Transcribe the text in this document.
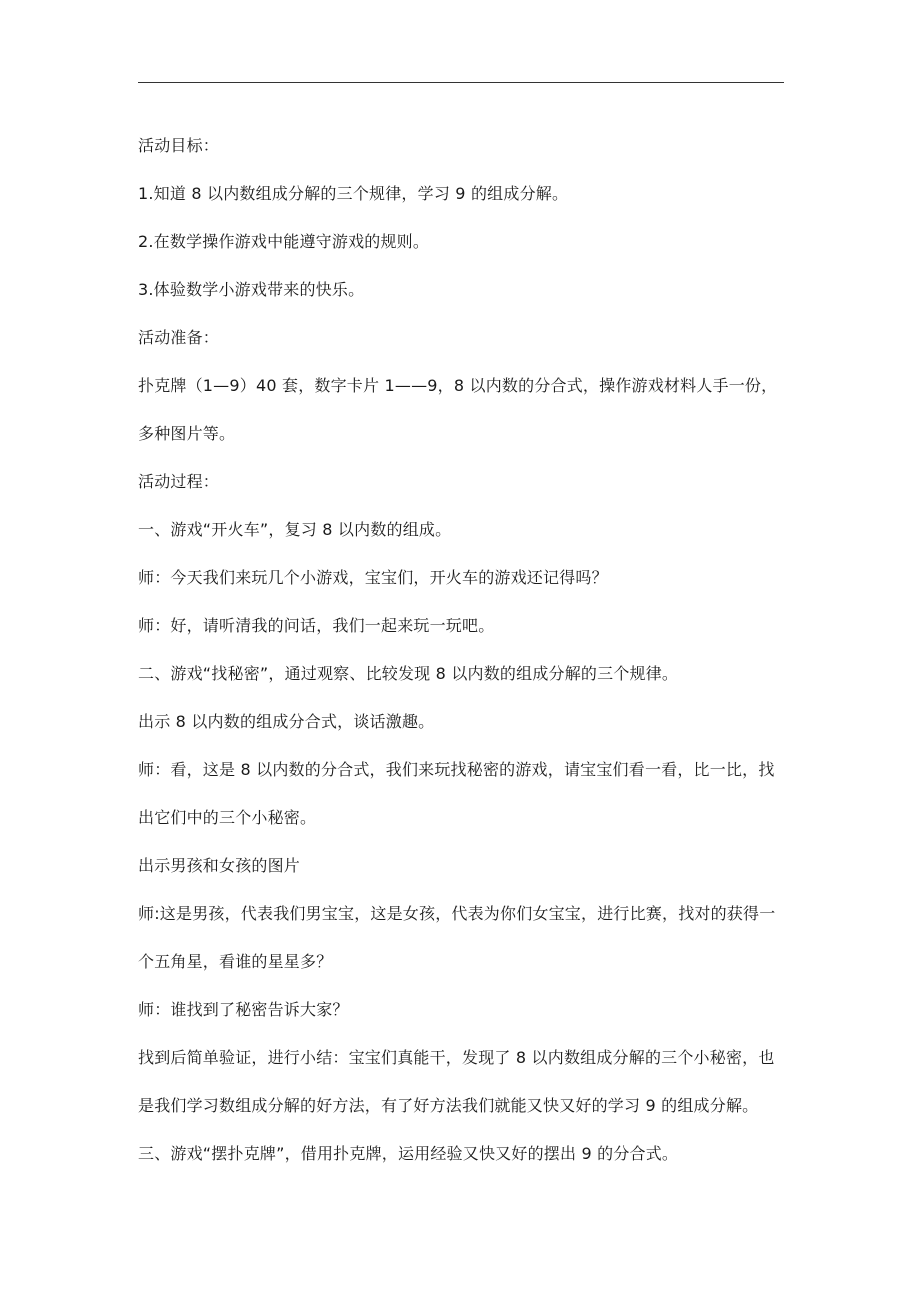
活动目标：
1.知道 8 以内数组成分解的三个规律，学习 9 的组成分解。
2.在数学操作游戏中能遵守游戏的规则。
3.体验数学小游戏带来的快乐。
活动准备：
扑克牌（1—9）40 套，数字卡片 1——9，8 以内数的分合式，操作游戏材料人手一份，
多种图片等。
活动过程：
一、游戏“开火车”，复习 8 以内数的组成。
师：今天我们来玩几个小游戏，宝宝们，开火车的游戏还记得吗？
师：好，请听清我的问话，我们一起来玩一玩吧。
二、游戏“找秘密”，通过观察、比较发现 8 以内数的组成分解的三个规律。
出示 8 以内数的组成分合式，谈话激趣。
师：看，这是 8 以内数的分合式，我们来玩找秘密的游戏，请宝宝们看一看，比一比，找
出它们中的三个小秘密。
出示男孩和女孩的图片
师:这是男孩，代表我们男宝宝，这是女孩，代表为你们女宝宝，进行比赛，找对的获得一
个五角星，看谁的星星多？
师：谁找到了秘密告诉大家？
找到后简单验证，进行小结：宝宝们真能干，发现了 8 以内数组成分解的三个小秘密，也
是我们学习数组成分解的好方法，有了好方法我们就能又快又好的学习 9 的组成分解。
三、游戏“摆扑克牌”，借用扑克牌，运用经验又快又好的摆出 9 的分合式。
